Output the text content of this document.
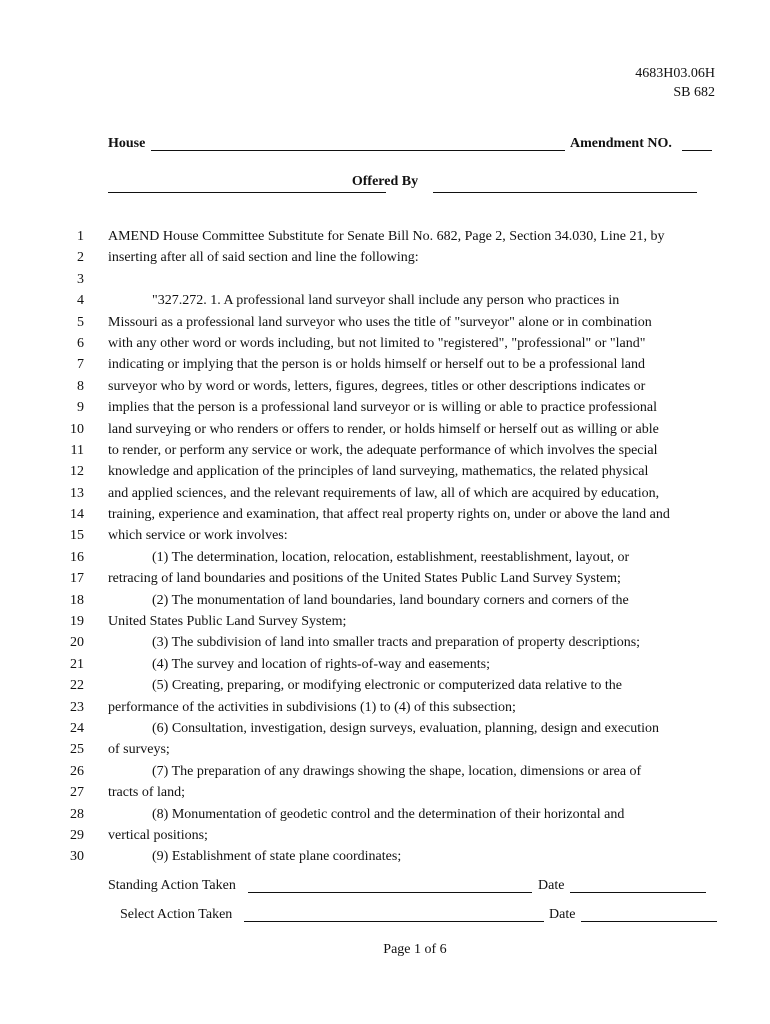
4683H03.06H
SB 682
House	Amendment NO.
Offered By
1 AMEND House Committee Substitute for Senate Bill No. 682, Page 2, Section 34.030, Line 21, by
2 inserting after all of said section and line the following:
3
4	"327.272. 1. A professional land surveyor shall include any person who practices in
5 Missouri as a professional land surveyor who uses the title of "surveyor" alone or in combination
6 with any other word or words including, but not limited to "registered", "professional" or "land"
7 indicating or implying that the person is or holds himself or herself out to be a professional land
8 surveyor who by word or words, letters, figures, degrees, titles or other descriptions indicates or
9 implies that the person is a professional land surveyor or is willing or able to practice professional
10 land surveying or who renders or offers to render, or holds himself or herself out as willing or able
11 to render, or perform any service or work, the adequate performance of which involves the special
12 knowledge and application of the principles of land surveying, mathematics, the related physical
13 and applied sciences, and the relevant requirements of law, all of which are acquired by education,
14 training, experience and examination, that affect real property rights on, under or above the land and
15 which service or work involves:
16	(1) The determination, location, relocation, establishment, reestablishment, layout, or
17 retracing of land boundaries and positions of the United States Public Land Survey System;
18	(2) The monumentation of land boundaries, land boundary corners and corners of the
19 United States Public Land Survey System;
20	(3) The subdivision of land into smaller tracts and preparation of property descriptions;
21	(4) The survey and location of rights-of-way and easements;
22	(5) Creating, preparing, or modifying electronic or computerized data relative to the
23 performance of the activities in subdivisions (1) to (4) of this subsection;
24	(6) Consultation, investigation, design surveys, evaluation, planning, design and execution
25 of surveys;
26	(7) The preparation of any drawings showing the shape, location, dimensions or area of
27 tracts of land;
28	(8) Monumentation of geodetic control and the determination of their horizontal and
29 vertical positions;
30	(9) Establishment of state plane coordinates;
Standing Action Taken	Date
Select Action Taken	Date
Page 1 of 6
